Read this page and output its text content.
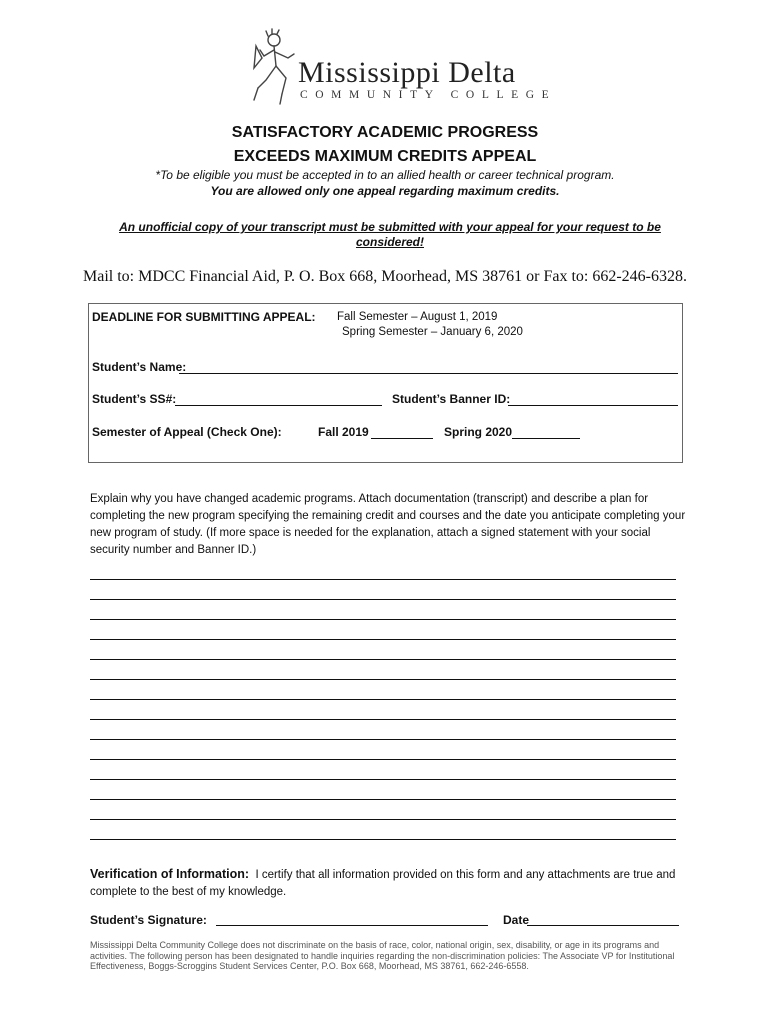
Mississippi Delta
COMMUNITY COLLEGE
SATISFACTORY ACADEMIC PROGRESS
EXCEEDS MAXIMUM CREDITS APPEAL
*To be eligible you must be accepted in to an allied health or career technical program.
You are allowed only one appeal regarding maximum credits.
An unofficial copy of your transcript must be submitted with your appeal for your request to be considered!
Mail to: MDCC Financial Aid, P. O. Box 668, Moorhead, MS 38761 or Fax to: 662-246-6328.
DEADLINE FOR SUBMITTING APPEAL: Fall Semester – August 1, 2019
Spring Semester – January 6, 2020
Student’s Name:
Student’s SS#:	Student’s Banner ID:
Semester of Appeal (Check One):	Fall 2019	Spring 2020
Explain why you have changed academic programs. Attach documentation (transcript) and describe a plan for completing the new program specifying the remaining credit and courses and the date you anticipate completing your new program of study. (If more space is needed for the explanation, attach a signed statement with your social security number and Banner ID.)
Verification of Information: I certify that all information provided on this form and any attachments are true and complete to the best of my knowledge.
Student’s Signature:	Date
Mississippi Delta Community College does not discriminate on the basis of race, color, national origin, sex, disability, or age in its programs and activities. The following person has been designated to handle inquiries regarding the non-discrimination policies: The Associate VP for Institutional Effectiveness, Boggs-Scroggins Student Services Center, P.O. Box 668, Moorhead, MS 38761, 662-246-6558.
